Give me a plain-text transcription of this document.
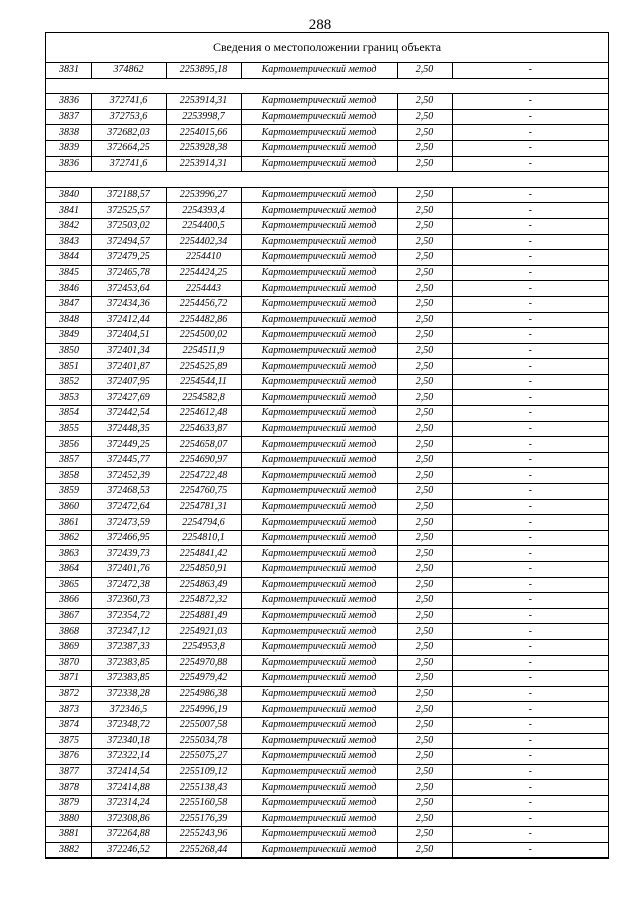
288
Сведения о местоположении границ объекта
3831	374862	2253895,18	Картометрический метод	2,50	-

3836	372741,6	2253914,31	Картометрический метод	2,50	-
3837	372753,6	2253998,7	Картометрический метод	2,50	-
3838	372682,03	2254015,66	Картометрический метод	2,50	-
3839	372664,25	2253928,38	Картометрический метод	2,50	-
3836	372741,6	2253914,31	Картометрический метод	2,50	-

3840	372188,57	2253996,27	Картометрический метод	2,50	-
3841	372525,57	2254393,4	Картометрический метод	2,50	-
3842	372503,02	2254400,5	Картометрический метод	2,50	-
3843	372494,57	2254402,34	Картометрический метод	2,50	-
3844	372479,25	2254410	Картометрический метод	2,50	-
3845	372465,78	2254424,25	Картометрический метод	2,50	-
3846	372453,64	2254443	Картометрический метод	2,50	-
3847	372434,36	2254456,72	Картометрический метод	2,50	-
3848	372412,44	2254482,86	Картометрический метод	2,50	-
3849	372404,51	2254500,02	Картометрический метод	2,50	-
3850	372401,34	2254511,9	Картометрический метод	2,50	-
3851	372401,87	2254525,89	Картометрический метод	2,50	-
3852	372407,95	2254544,11	Картометрический метод	2,50	-
3853	372427,69	2254582,8	Картометрический метод	2,50	-
3854	372442,54	2254612,48	Картометрический метод	2,50	-
3855	372448,35	2254633,87	Картометрический метод	2,50	-
3856	372449,25	2254658,07	Картометрический метод	2,50	-
3857	372445,77	2254690,97	Картометрический метод	2,50	-
3858	372452,39	2254722,48	Картометрический метод	2,50	-
3859	372468,53	2254760,75	Картометрический метод	2,50	-
3860	372472,64	2254781,31	Картометрический метод	2,50	-
3861	372473,59	2254794,6	Картометрический метод	2,50	-
3862	372466,95	2254810,1	Картометрический метод	2,50	-
3863	372439,73	2254841,42	Картометрический метод	2,50	-
3864	372401,76	2254850,91	Картометрический метод	2,50	-
3865	372472,38	2254863,49	Картометрический метод	2,50	-
3866	372360,73	2254872,32	Картометрический метод	2,50	-
3867	372354,72	2254881,49	Картометрический метод	2,50	-
3868	372347,12	2254921,03	Картометрический метод	2,50	-
3869	372387,33	2254953,8	Картометрический метод	2,50	-
3870	372383,85	2254970,88	Картометрический метод	2,50	-
3871	372383,85	2254979,42	Картометрический метод	2,50	-
3872	372338,28	2254986,38	Картометрический метод	2,50	-
3873	372346,5	2254996,19	Картометрический метод	2,50	-
3874	372348,72	2255007,58	Картометрический метод	2,50	-
3875	372340,18	2255034,78	Картометрический метод	2,50	-
3876	372322,14	2255075,27	Картометрический метод	2,50	-
3877	372414,54	2255109,12	Картометрический метод	2,50	-
3878	372414,88	2255138,43	Картометрический метод	2,50	-
3879	372314,24	2255160,58	Картометрический метод	2,50	-
3880	372308,86	2255176,39	Картометрический метод	2,50	-
3881	372264,88	2255243,96	Картометрический метод	2,50	-
3882	372246,52	2255268,44	Картометрический метод	2,50	-
